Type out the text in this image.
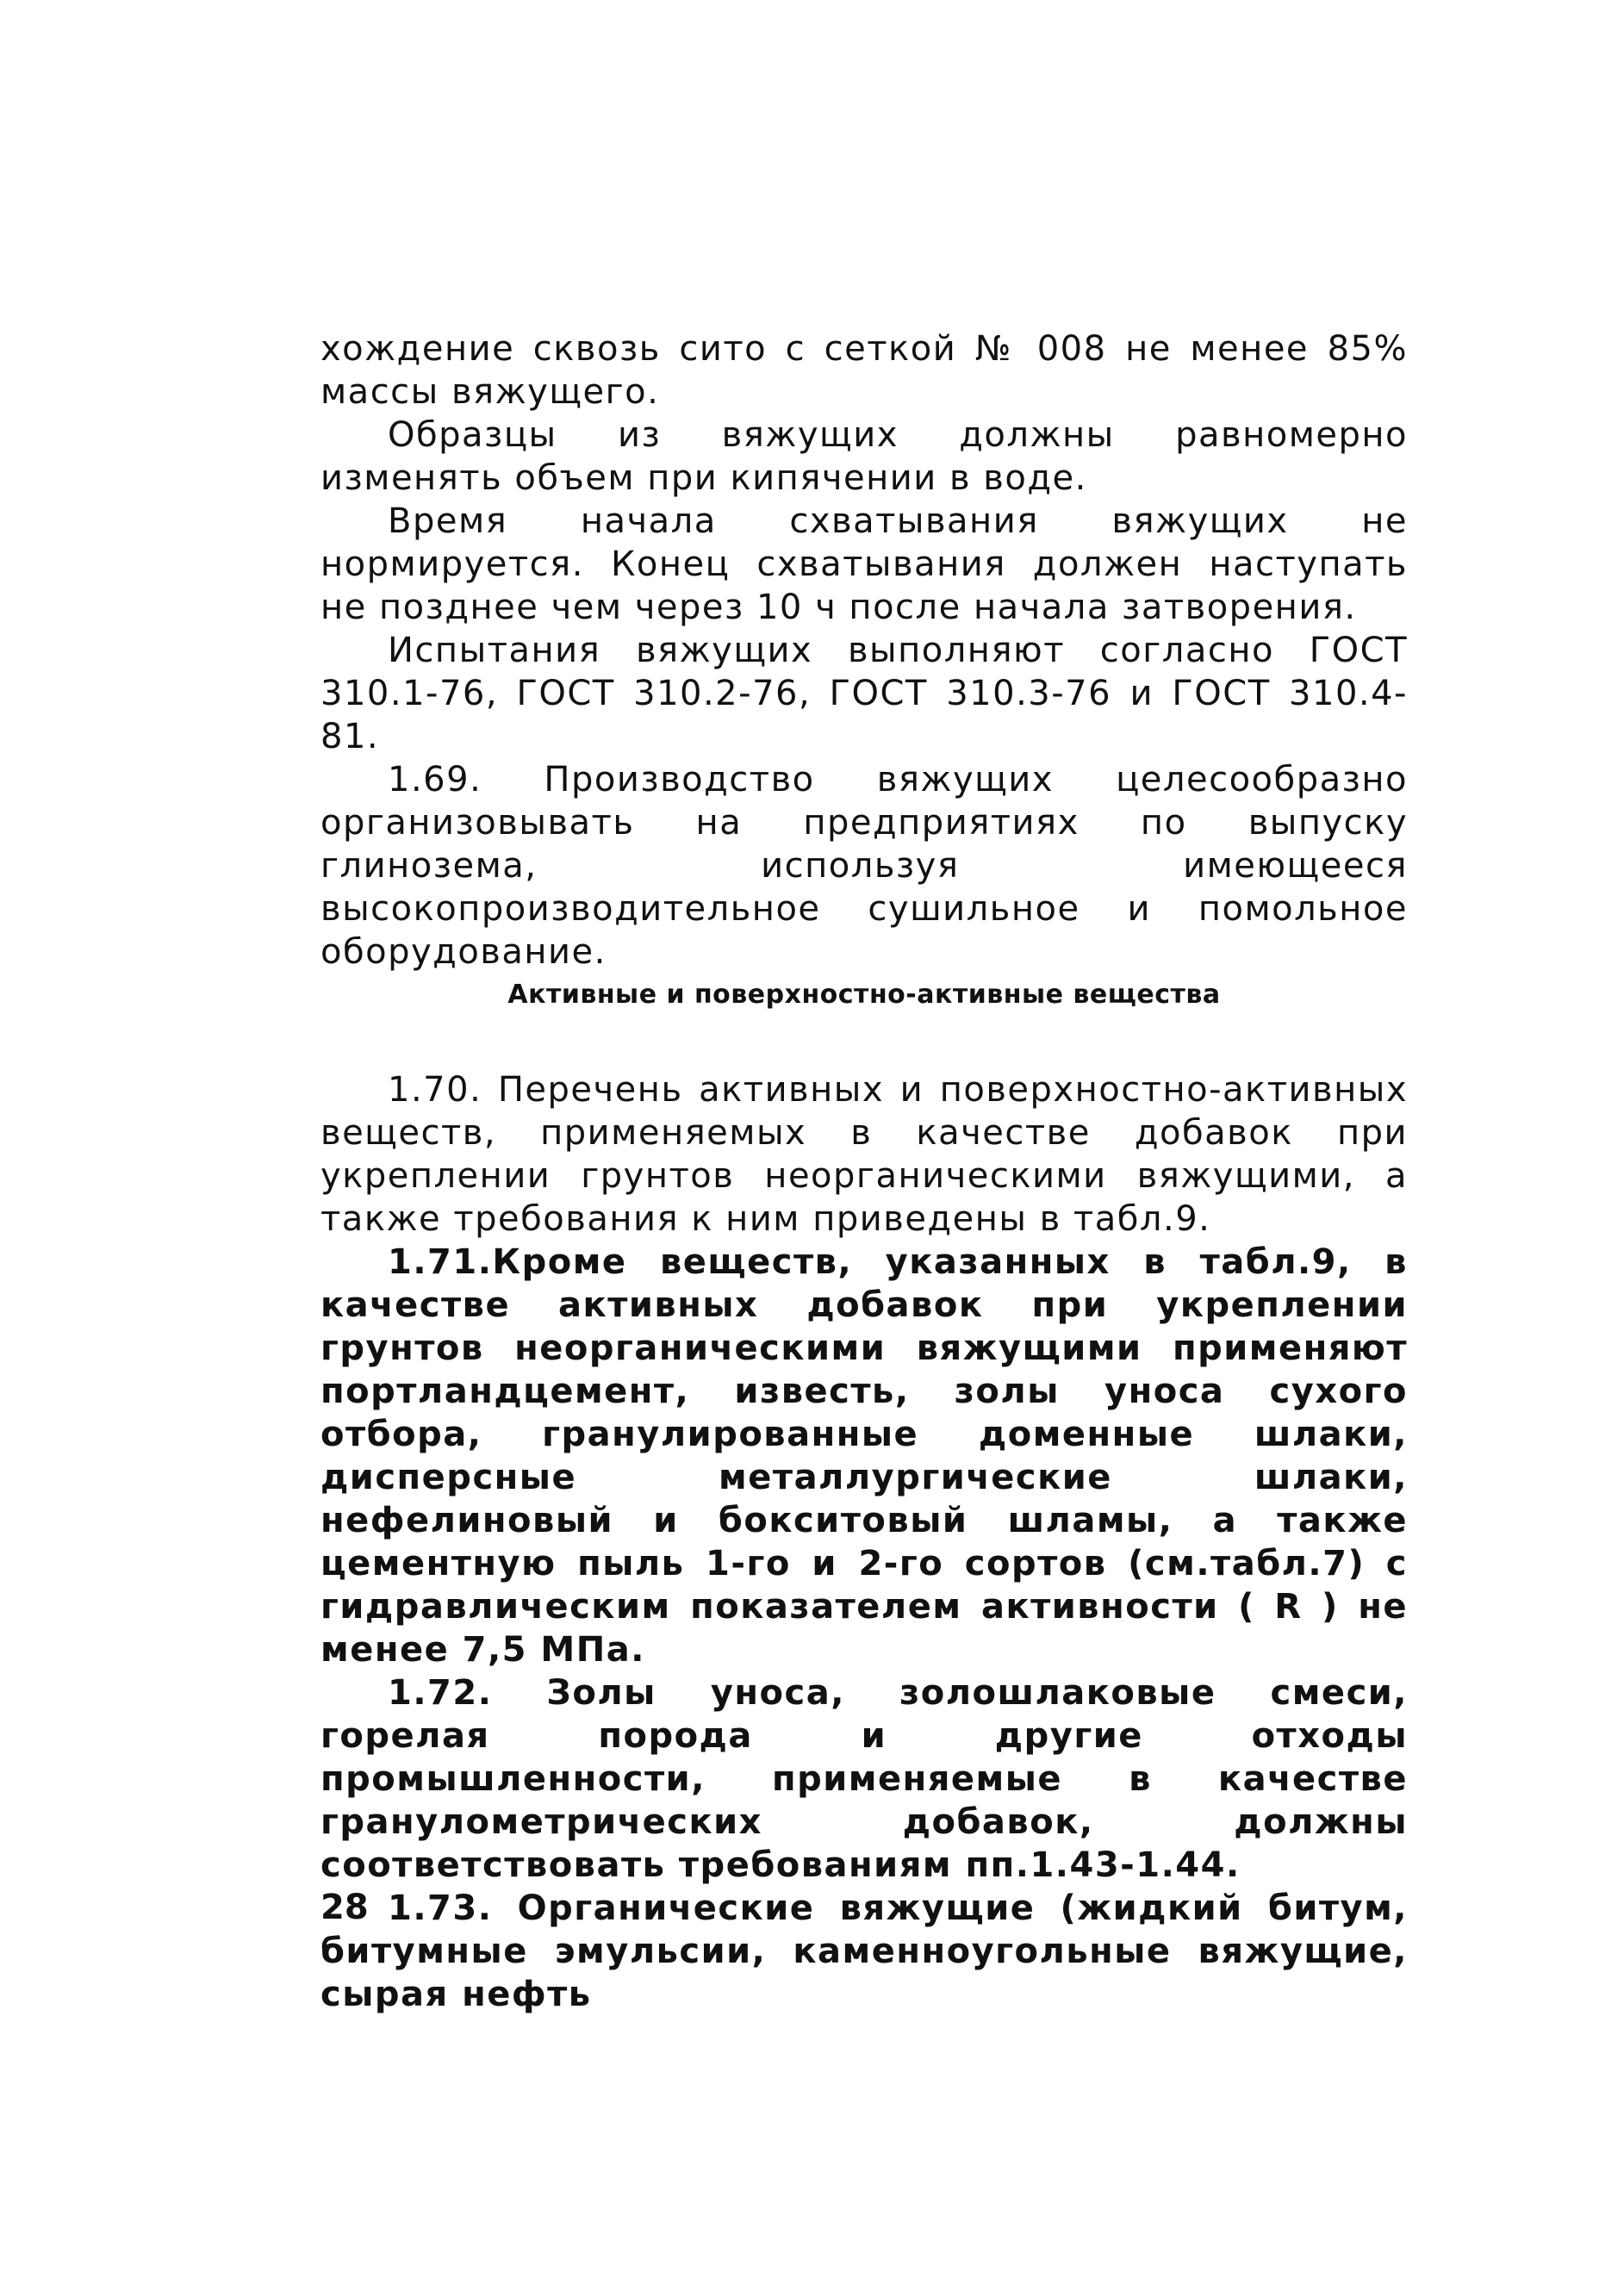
хождение сквозь сито с сеткой № 008 не менее 85% массы вяжущего.

Образцы из вяжущих должны равномерно изменять объем при кипячении в воде.

Время начала схватывания вяжущих не нормируется. Конец схватывания должен наступать не позднее чем через 10 ч после начала затворения.

Испытания вяжущих выполняют согласно ГОСТ 310.1-76, ГОСТ 310.2-76, ГОСТ 310.3-76 и ГОСТ 310.4-81.

1.69. Производство вяжущих целесообразно организовывать на предприятиях по выпуску глинозема, используя имеющееся высокопроизводительное сушильное и помольное оборудование.

Активные и поверхностно-активные вещества

1.70. Перечень активных и поверхностно-активных веществ, применяемых в качестве добавок при укреплении грунтов неорганическими вяжущими, а также требования к ним приведены в табл.9.

1.71.Кроме веществ, указанных в табл.9, в качестве активных добавок при укреплении грунтов неорганическими вяжущими применяют портландцемент, известь, золы уноса сухого отбора, гранулированные доменные шлаки, дисперсные металлургические шлаки, нефелиновый и бокситовый шламы, а также цементную пыль 1-го и 2-го сортов (см.табл.7) с гидравлическим показателем активности ( R ) не менее 7,5 МПа.

1.72. Золы уноса, золошлаковые смеси, горелая порода и другие отходы промышленности, применяемые в качестве гранулометрических добавок, должны соответствовать требованиям пп.1.43-1.44.

1.73. Органические вяжущие (жидкий битум, битумные эмульсии, каменноугольные вяжущие, сырая нефть

28
